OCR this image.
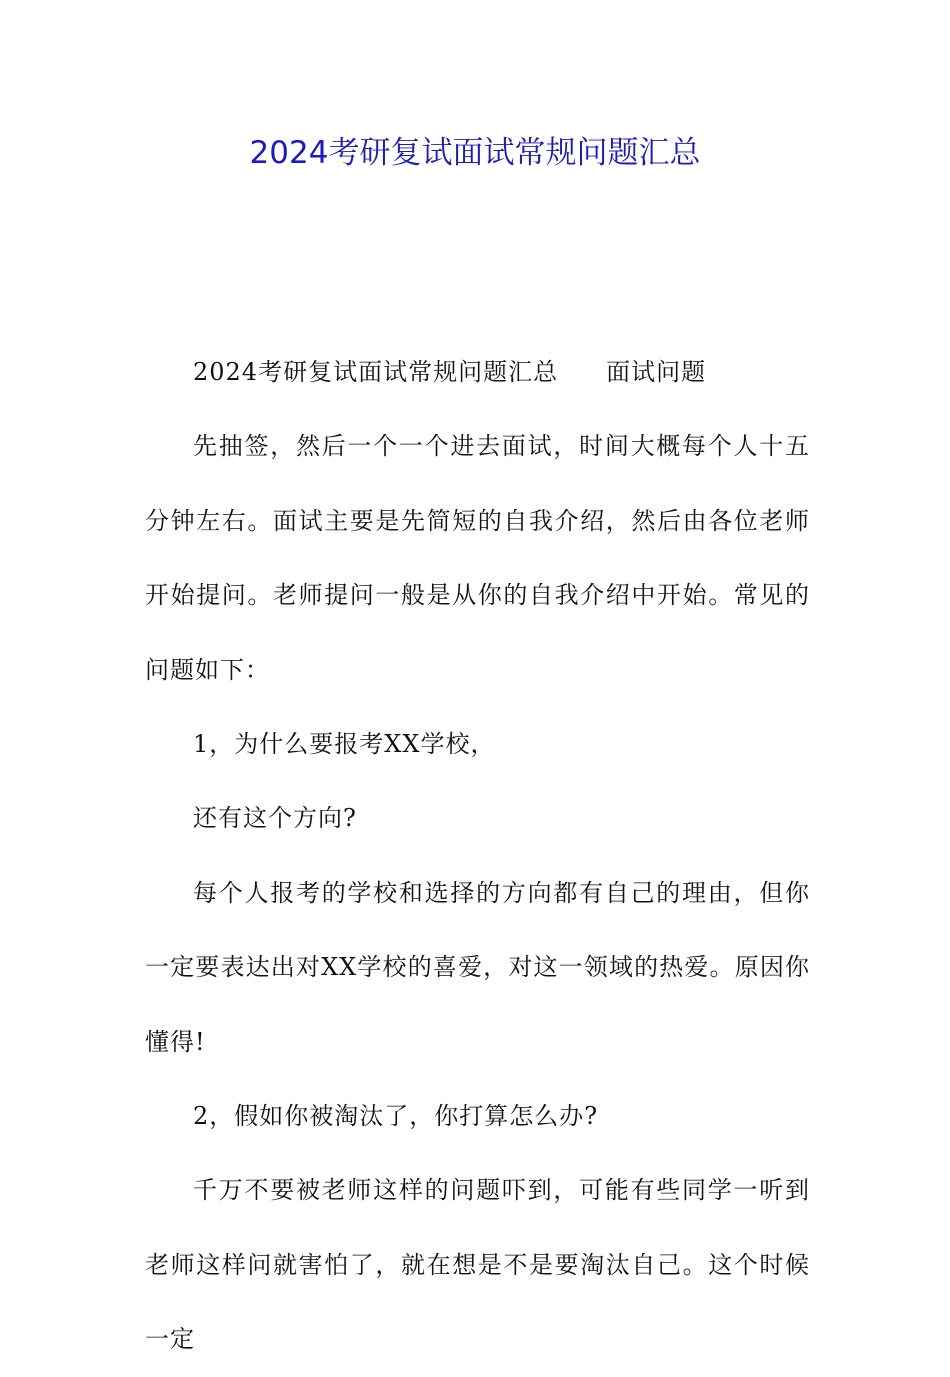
2024考研复试面试常规问题汇总

2024考研复试面试常规问题汇总 面试问题

先抽签，然后一个一个进去面试，时间大概每个人十五分钟左右。面试主要是先简短的自我介绍，然后由各位老师开始提问。老师提问一般是从你的自我介绍中开始。常见的问题如下：

1，为什么要报考XX学校，

还有这个方向?

每个人报考的学校和选择的方向都有自己的理由，但你一定要表达出对XX学校的喜爱，对这一领域的热爱。原因你懂得!

2，假如你被淘汰了，你打算怎么办?

千万不要被老师这样的问题吓到，可能有些同学一听到老师这样问就害怕了，就在想是不是要淘汰自己。这个时候一定
